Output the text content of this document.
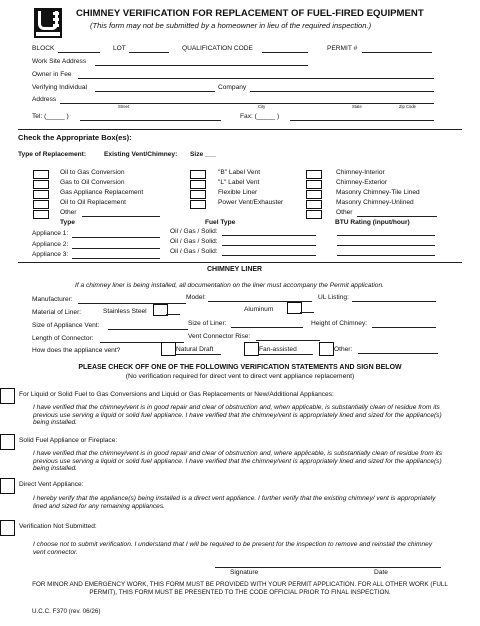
CHIMNEY VERIFICATION FOR REPLACEMENT OF FUEL-FIRED EQUIPMENT
(This form may not be submitted by a homeowner in lieu of the required inspection.)
BLOCK	LOT	QUALIFICATION CODE	PERMIT #
Work Site Address
Owner in Fee
Verifying Individual	Company
Address
Street	City	State	Zip Code
Tel: (_____ )	Fax: (_____ )
Check the Appropriate Box(es):
Type of Replacement:	Existing Vent/Chimney: Size ___
Oil to Gas Conversion
Gas to Oil Conversion
Gas Appliance Replacement
Oil to Oil Replacement
Other
"B" Label Vent
"L" Label Vent
Flexible Liner
Power Vent/Exhauster
Chimney-Interior
Chimney-Exterior
Masonry Chimney-Tile Lined
Masonry Chimney-Unlined
Other
Type	Fuel Type	BTU Rating (input/hour)
Appliance 1:	Oil / Gas / Solid:
Appliance 2:	Oil / Gas / Solid:
Appliance 3:	Oil / Gas / Solid:
CHIMNEY LINER
If a chimney liner is being installed, all documentation on the liner must accompany the Permit application.
Manufacturer:	Model:	UL Listing:
Material of Liner:	Stainless Steel	Aluminum
Size of Appliance Vent:	Size of Liner:	Height of Chimney:
Length of Connector:	Vent Connector Rise:
How does the appliance vent?	Natural Draft	Fan-assisted	Other:
PLEASE CHECK OFF ONE OF THE FOLLOWING VERIFICATION STATEMENTS AND SIGN BELOW
(No verification required for direct vent to direct vent appliance replacement)
For Liquid or Solid Fuel to Gas Conversions and Liquid or Gas Replacements or New/Additional Appliances:
I have verified that the chimney/vent is in good repair and clear of obstruction and, when applicable, is substantially clean of residue from its previous use serving a liquid or solid fuel appliance. I have verified that the chimney/vent is appropriately lined and sized for the appliance(s) being installed.
Solid Fuel Appliance or Fireplace:
I have verified that the chimney/vent is in good repair and clear of obstruction and, where applicable, is substantially clean of residue from its previous use serving a liquid or solid fuel appliance. I have verified that the chimney/vent is appropriately lined and sized for the appliance(s) being installed.
Direct Vent Appliance:
I hereby verify that the appliance(s) being installed is a direct vent appliance. I further verify that the existing chimney/ vent is appropriately lined and sized for any remaining appliances.
Verification Not Submitted:
I choose not to submit verification. I understand that I will be required to be present for the inspection to remove and reinstall the chimney vent connector.
Signature	Date
FOR MINOR AND EMERGENCY WORK, THIS FORM MUST BE PROVIDED WITH YOUR PERMIT APPLICATION. FOR ALL OTHER WORK (FULL PERMIT), THIS FORM MUST BE PRESENTED TO THE CODE OFFICIAL PRIOR TO FINAL INSPECTION.
U.C.C. F370 (rev. 06/26)
